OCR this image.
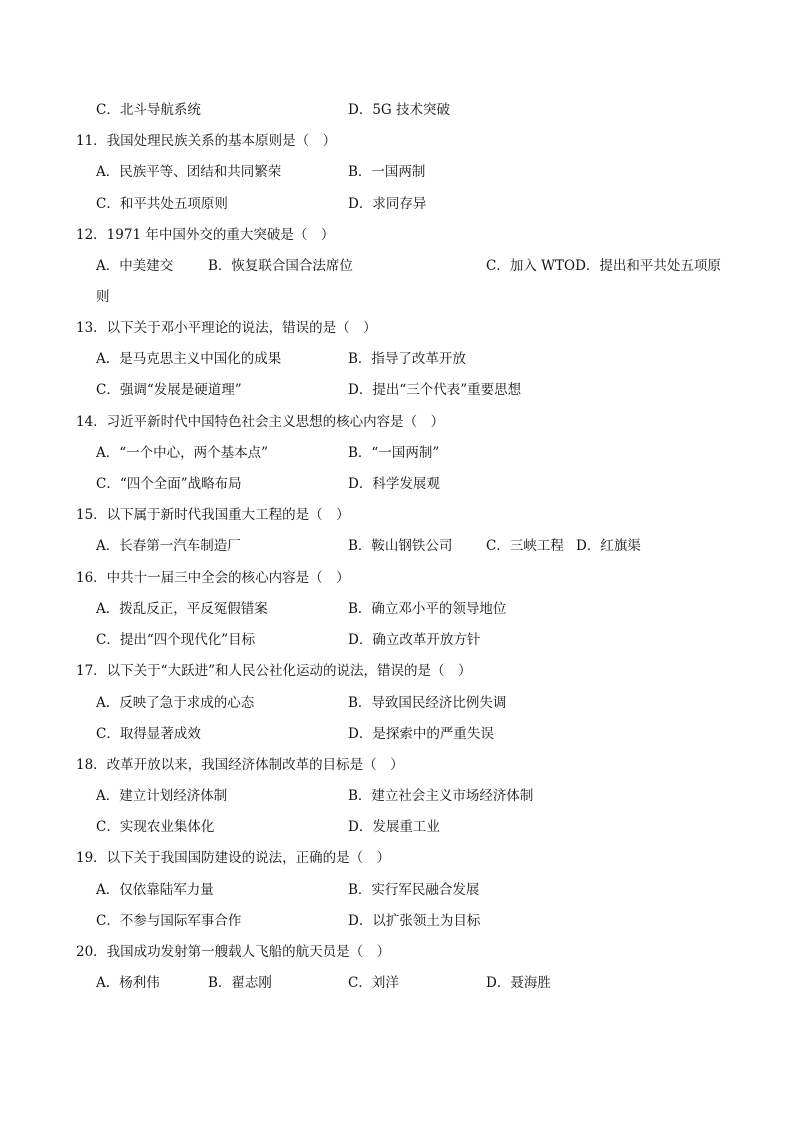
C．北斗导航系统	D．5G 技术突破
11．我国处理民族关系的基本原则是（　）
A．民族平等、团结和共同繁荣	B．一国两制
C．和平共处五项原则	D．求同存异
12．1971 年中国外交的重大突破是（　）
A．中美建交	B．恢复联合国合法席位	C．加入 WTOD．提出和平共处五项原
则
13．以下关于邓小平理论的说法，错误的是（　）
A．是马克思主义中国化的成果	B．指导了改革开放
C．强调“发展是硬道理”	D．提出“三个代表”重要思想
14．习近平新时代中国特色社会主义思想的核心内容是（　）
A．“一个中心，两个基本点”	B．“一国两制”
C．“四个全面”战略布局	D．科学发展观
15．以下属于新时代我国重大工程的是（　）
A．长春第一汽车制造厂	B．鞍山钢铁公司 C．三峡工程 D．红旗渠
16．中共十一届三中全会的核心内容是（　）
A．拨乱反正，平反冤假错案	B．确立邓小平的领导地位
C．提出“四个现代化”目标	D．确立改革开放方针
17．以下关于“大跃进”和人民公社化运动的说法，错误的是（　）
A．反映了急于求成的心态	B．导致国民经济比例失调
C．取得显著成效	D．是探索中的严重失误
18．改革开放以来，我国经济体制改革的目标是（　）
A．建立计划经济体制	B．建立社会主义市场经济体制
C．实现农业集体化	D．发展重工业
19．以下关于我国国防建设的说法，正确的是（　）
A．仅依靠陆军力量	B．实行军民融合发展
C．不参与国际军事合作	D．以扩张领土为目标
20．我国成功发射第一艘载人飞船的航天员是（　）
A．杨利伟	B．翟志刚	C．刘洋	D．聂海胜
